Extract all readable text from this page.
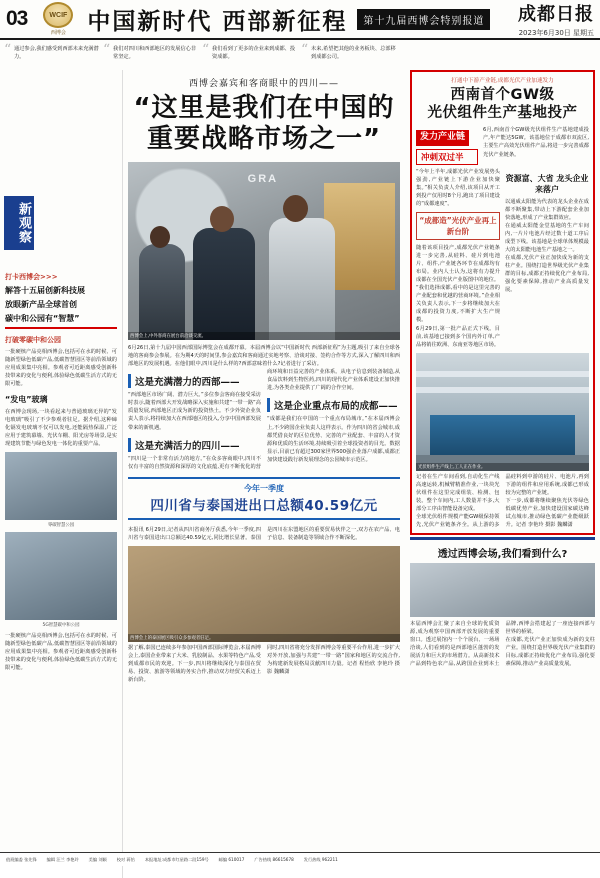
03	WCIF
西博会 中国新时代 西部新征程	第十九届西博会特别报道	成都日报
2023年6月30日 星期五
“ 通过参会,我们感受到西部未来充满潜力。	“ 我们对四川和西部地区的发展信心非常坚定。	“ 我们看到了更多的企业来到成都、投资成都。	“ 未来,希望把其他的业务板块、总部移到成都公司。
打卡西博会>>>
解答十五届创新科技展
放眼新产品全球首创
碳中和公园有“智慧”
打破零碳中和公园
一批硬核产品亮相西博会,包括可在水的时候、可随新型绿色低碳产品,低碳智慧园区等前沿领域的应用成果集中亮相。参观者可近距离感受创新科技带来的变化与便利,体验绿色低碳生活方式的无限可能。
“发电”玻璃
在西博会现场,一块看起来与普通玻璃无异的“发电玻璃”吸引了不少参观者驻足。据介绍,这种碲化镉发电玻璃不仅可以发电,还能隔热保温,广泛应用于建筑幕墙、光伏车棚、阳光房等场景,是实现建筑节能与绿色发电一体化的重要产品。
零碳智慧公园
5G智慧碳中和公园
一批硬核产品亮相西博会,包括可在水的时候、可随新型绿色低碳产品,低碳智慧园区等前沿领域的应用成果集中亮相。参观者可近距离感受创新科技带来的变化与便利,体验绿色低碳生活方式的无限可能。
西博会嘉宾和客商眼中的四川——
“这里是我们在中国的
重要战略市场之一”
GRA
西博会上,中外客商在展台前洽谈交流。
6月26日,第十九届中国西部国际博览会在成都开幕。本届西博会以“中国新时代 西部新征程”为主题,吸引了来自全球各地的客商参会参展。在为期4天的时间里,参会嘉宾和客商通过实地考察、洽谈对接、签约合作等方式,深入了解四川和西部地区的发展机遇。在他们眼中,四川是什么样的?西部意味着什么?记者进行了采访。
这是充满潜力的西部——
“西部地区市场广阔、潜力巨大。”多位参会客商在接受采访时表示,随着西部大开发战略深入实施和共建“一带一路”高质量发展,西部地区正成为新的投资热土。不少外资企业负责人表示,将持续加大在西部地区的投入,分享中国西部发展带来的新机遇。
这是充满活力的四川——
“四川是一个非常有活力的地方。”在众多客商眼中,四川不仅有丰富的自然资源和深厚的文化底蕴,更有不断优化的营商环境和日益完善的产业体系。从电子信息到装备制造,从食品饮料到生物医药,四川的现代化产业体系建设正加快推进,为各类企业提供了广阔的合作空间。
这是企业重点布局的成都——
“成都是我们在中国的一个重点布局城市。”在本届西博会上,不少跨国企业负责人这样表示。作为四川的省会城市,成都凭借良好的区位优势、完善的产业配套、丰富的人才资源和优质的生活环境,持续吸引着全球投资者的目光。数据显示,目前已有超过300家世界500强企业落户成都,成都正加快建设践行新发展理念的公园城市示范区。
今年一季度
四川省与泰国进出口总额40.59亿元
本报讯 6月29日,记者从四川省商务厅获悉,今年一季度,四川省与泰国进出口总额达40.59亿元,同比增长显著。泰国是四川在东盟地区的重要贸易伙伴之一,双方在农产品、电子信息、装备制造等领域合作不断深化。
西博会上的泰国展区吸引众多参观者驻足。
据了解,泰国已连续多年参加中国西部国际博览会,本届西博会上,泰国企业带来了大米、乳胶制品、水果等特色产品,受到成都市民的欢迎。下一步,四川将继续深化与泰国在贸易、投资、旅游等领域的务实合作,推动双方经贸关系迈上新台阶。
同时,四川省将充分发挥西博会等重要平台作用,进一步扩大对外开放,加强与共建“一带一路”国家和地区的交流合作,为构建新发展格局贡献四川力量。记者 程怡欣 李艳玲 摄影 魏麟潇
打通中下游产业链,成都光伏产业加速发力
西南首个GW级
光伏组件生产基地投产
发力产业链
冲刺双过半
6月,西南首个GW级光伏组件生产基地建成投产,年产能达5GW。该基地位于成都市双流区,主要生产高效光伏组件产品,将进一步完善成都光伏产业链条。
“今年上半年,成都光伏产业发展势头强劲,产业链上下游企业加快聚集。”相关负责人介绍,该项目从开工到投产仅用时8个月,跑出了项目建设的“成都速度”。
“成都造”光伏产业再上新台阶
随着该项目投产,成都光伏产业链条进一步完善,从硅料、硅片到电池片、组件,产业链各环节在成都均有布局。业内人士认为,这将有力提升成都在全国光伏产业版图中的地位。
“我们选择成都,看中的是这里完善的产业配套和优越的营商环境。”企业相关负责人表示,下一步将继续加大在成都的投资力度,不断扩大生产规模。
6月29日,第一批产品正式下线。目前,该基地已接到多个国内外订单,产品将销往欧洲、东南亚等地区市场。
资源富、大省 龙头企业来落户
以通威太阳能为代表的龙头企业在成都不断聚集,带动上下游配套企业加快落地,形成了产业集群效应。
在通威太阳能金堂基地的生产车间内,一片片电池片经过数十道工序后成型下线。该基地是全球单体规模最大的太阳能电池生产基地之一。
在成都,光伏产业正加快成为新的支柱产业。围绕打造世界级光伏产业集群的目标,成都正持续优化产业布局,强化要素保障,推动产业高质量发展。
光伏组件生产线上,工人正在作业。
记者在生产车间看到,自动化生产线高速运转,机械臂精准作业,一块块光伏组件在这里完成组装、检测、包装。整个车间内,工人数量并不多,大部分工序由智能设备完成。
全球光伏组件规模产能GW级保持领先,光伏产业链条齐全。从上游的多晶硅料到中游的硅片、电池片,再到下游的组件和应用系统,成都已形成较为完整的产业链。
下一步,成都将继续聚焦光伏等绿色低碳优势产业,加快建设国家碳达峰试点城市,推动绿色低碳产业能级跃升。记者 李艳玲 摄影 魏麟潇
透过西博会场,我们看到什么?
本届西博会汇聚了来自全球的优质资源,成为观察中国西部开放发展的重要窗口。透过展馆内一个个展台、一场场洽谈,人们看到的是西部地区蓬勃的发展活力和巨大的市场潜力。从高新技术产品到特色农产品,从跨国企业到本土品牌,西博会搭建起了一座连接西部与世界的桥梁。
在成都,光伏产业正加快成为新的支柱产业。围绕打造世界级光伏产业集群的目标,成都正持续优化产业布局,强化要素保障,推动产业高质量发展。
新观察
值班编委 张先锋 编辑 汪兰 李艳玲 美编 刘颖 校对 蒋怡 本报地址:成都市红星路二段159号 邮编 610017 广告热线 86615678 发行热线 962211
